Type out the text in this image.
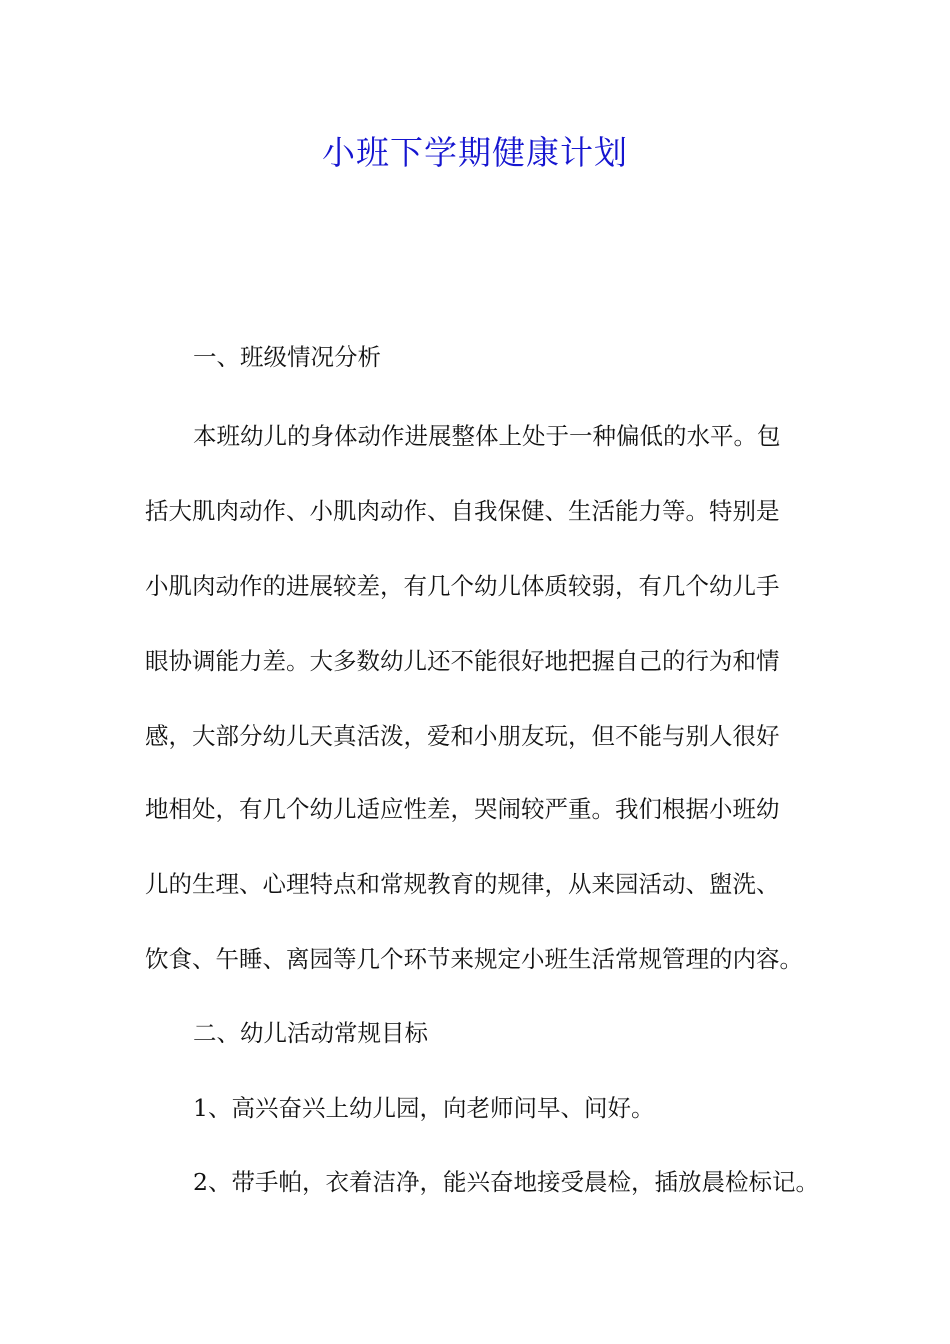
小班下学期健康计划
一、班级情况分析
本班幼儿的身体动作进展整体上处于一种偏低的水平。包
括大肌肉动作、小肌肉动作、自我保健、生活能力等。特别是
小肌肉动作的进展较差，有几个幼儿体质较弱，有几个幼儿手
眼协调能力差。大多数幼儿还不能很好地把握自己的行为和情
感，大部分幼儿天真活泼，爱和小朋友玩，但不能与别人很好
地相处，有几个幼儿适应性差，哭闹较严重。我们根据小班幼
儿的生理、心理特点和常规教育的规律，从来园活动、盥洗、
饮食、午睡、离园等几个环节来规定小班生活常规管理的内容。
二、幼儿活动常规目标
1、高兴奋兴上幼儿园，向老师问早、问好。
2、带手帕，衣着洁净，能兴奋地接受晨检，插放晨检标记。
